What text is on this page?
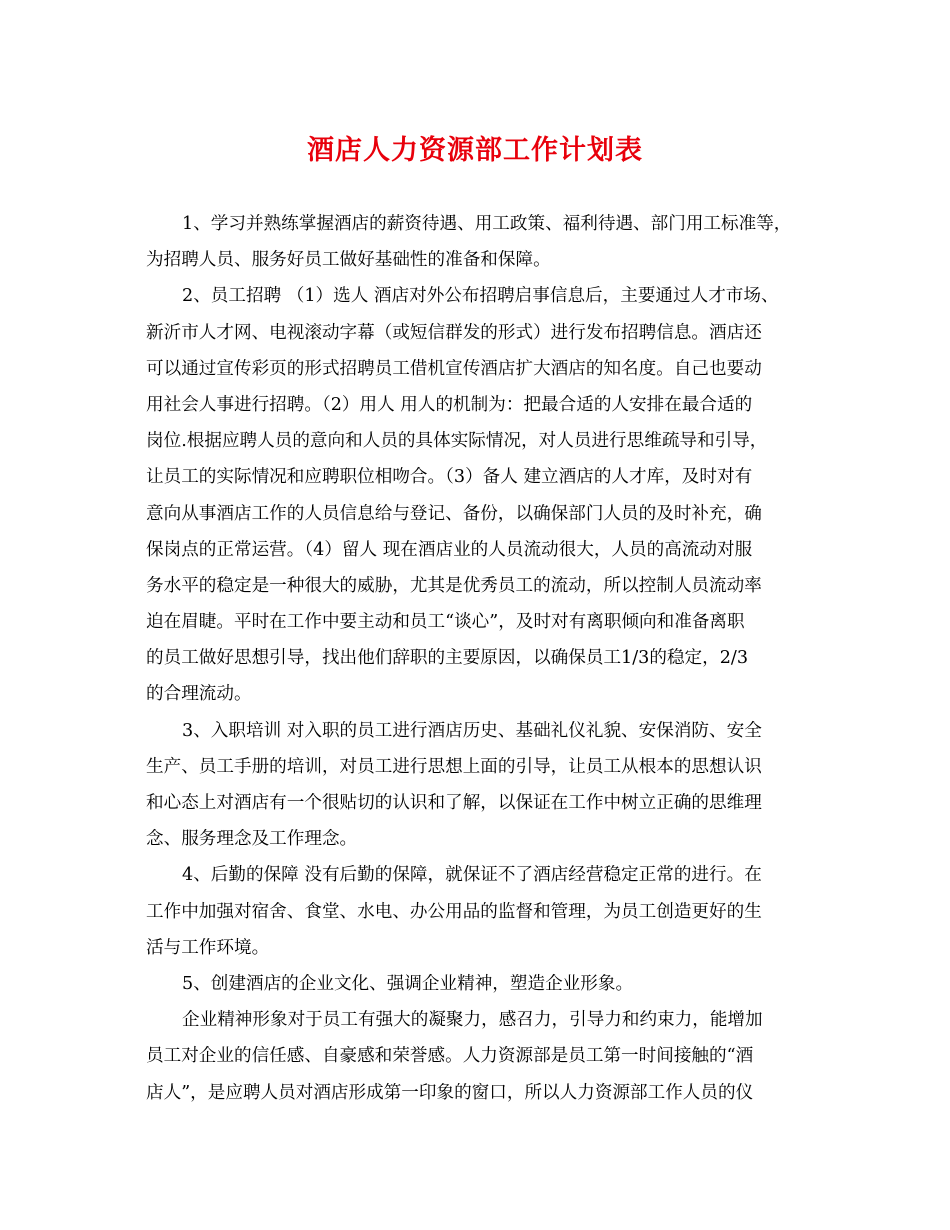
酒店人力资源部工作计划表
1、学习并熟练掌握酒店的薪资待遇、用工政策、福利待遇、部门用工标准等，
为招聘人员、服务好员工做好基础性的准备和保障。
2、员工招聘 （1）选人 酒店对外公布招聘启事信息后，主要通过人才市场、
新沂市人才网、电视滚动字幕（或短信群发的形式）进行发布招聘信息。酒店还
可以通过宣传彩页的形式招聘员工借机宣传酒店扩大酒店的知名度。自己也要动
用社会人事进行招聘。（2）用人 用人的机制为：把最合适的人安排在最合适的
岗位.根据应聘人员的意向和人员的具体实际情况，对人员进行思维疏导和引导，
让员工的实际情况和应聘职位相吻合。（3）备人 建立酒店的人才库，及时对有
意向从事酒店工作的人员信息给与登记、备份，以确保部门人员的及时补充，确
保岗点的正常运营。（4）留人 现在酒店业的人员流动很大，人员的高流动对服
务水平的稳定是一种很大的威胁，尤其是优秀员工的流动，所以控制人员流动率
迫在眉睫。平时在工作中要主动和员工“谈心”，及时对有离职倾向和准备离职
的员工做好思想引导，找出他们辞职的主要原因，以确保员工1/3的稳定，2/3
的合理流动。
3、入职培训 对入职的员工进行酒店历史、基础礼仪礼貌、安保消防、安全
生产、员工手册的培训，对员工进行思想上面的引导，让员工从根本的思想认识
和心态上对酒店有一个很贴切的认识和了解，以保证在工作中树立正确的思维理
念、服务理念及工作理念。
4、后勤的保障 没有后勤的保障，就保证不了酒店经营稳定正常的进行。在
工作中加强对宿舍、食堂、水电、办公用品的监督和管理，为员工创造更好的生
活与工作环境。
5、创建酒店的企业文化、强调企业精神，塑造企业形象。
企业精神形象对于员工有强大的凝聚力，感召力，引导力和约束力，能增加
员工对企业的信任感、自豪感和荣誉感。人力资源部是员工第一时间接触的“酒
店人”，是应聘人员对酒店形成第一印象的窗口，所以人力资源部工作人员的仪
